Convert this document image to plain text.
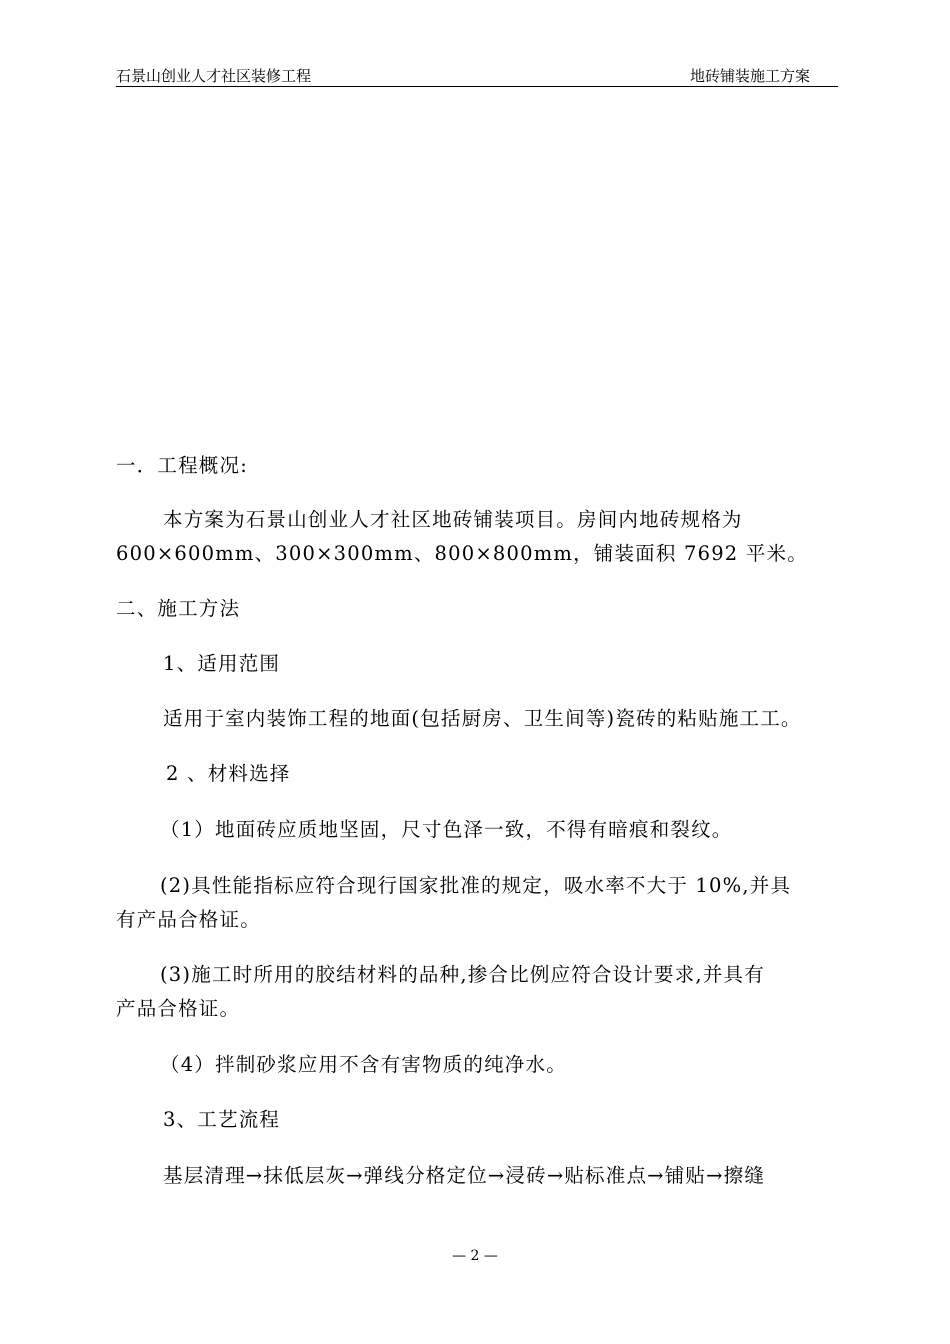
石景山创业人才社区装修工程	地砖铺装施工方案
一．工程概况:
本方案为石景山创业人才社区地砖铺装项目。房间内地砖规格为
600×600mm、300×300mm、800×800mm，铺装面积 7692 平米。
二、施工方法
1、适用范围
适用于室内装饰工程的地面(包括厨房、卫生间等)瓷砖的粘贴施工工。
2 、材料选择
（1）地面砖应质地坚固，尺寸色泽一致，不得有暗痕和裂纹。
(2)具性能指标应符合现行国家批准的规定，吸水率不大于 10%,并具
有产品合格证。
(3)施工时所用的胶结材料的品种,掺合比例应符合设计要求,并具有
产品合格证。
（4）拌制砂浆应用不含有害物质的纯净水。
3、工艺流程
基层清理→抹低层灰→弹线分格定位→浸砖→贴标准点→铺贴→擦缝
— 2 —
